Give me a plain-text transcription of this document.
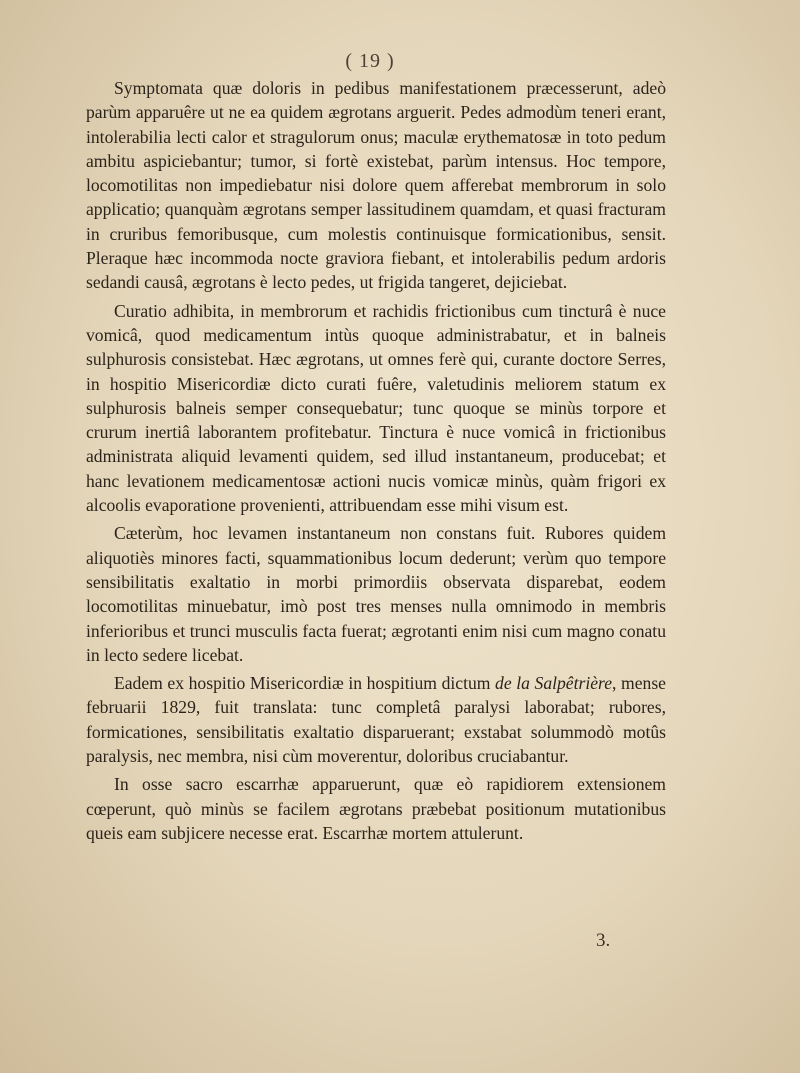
( 19 )

Symptomata quæ doloris in pedibus manifestationem præcesserunt, adeò parùm apparuêre ut ne ea quidem ægrotans arguerit. Pedes admodùm teneri erant, intolerabilia lecti calor et stragulorum onus; maculæ erythematosæ in toto pedum ambitu aspiciebantur; tumor, si fortè existebat, parùm intensus. Hoc tempore, locomotilitas non impediebatur nisi dolore quem afferebat membrorum in solo applicatio; quanquàm ægrotans semper lassitudinem quamdam, et quasi fracturam in cruribus femoribusque, cum molestis continuisque formicationibus, sensit. Pleraque hæc incommoda nocte graviora fiebant, et intolerabilis pedum ardoris sedandi causâ, ægrotans è lecto pedes, ut frigida tangeret, dejiciebat.

Curatio adhibita, in membrorum et rachidis frictionibus cum tincturâ è nuce vomicâ, quod medicamentum intùs quoque administrabatur, et in balneis sulphurosis consistebat. Hæc ægrotans, ut omnes ferè qui, curante doctore Serres, in hospitio Misericordiæ dicto curati fuêre, valetudinis meliorem statum ex sulphurosis balneis semper consequebatur; tunc quoque se minùs torpore et crurum inertiâ laborantem profitebatur. Tinctura è nuce vomicâ in frictionibus administrata aliquid levamenti quidem, sed illud instantaneum, producebat; et hanc levationem medicamentosæ actioni nucis vomicæ minùs, quàm frigori ex alcoolis evaporatione provenienti, attribuendam esse mihi visum est.

Cæterùm, hoc levamen instantaneum non constans fuit. Rubores quidem aliquotiès minores facti, squammationibus locum dederunt; verùm quo tempore sensibilitatis exaltatio in morbi primordiis observata disparebat, eodem locomotilitas minuebatur, imò post tres menses nulla omnimodo in membris inferioribus et trunci musculis facta fuerat; ægrotanti enim nisi cum magno conatu in lecto sedere licebat.

Eadem ex hospitio Misericordiæ in hospitium dictum de la Salpêtrière, mense februarii 1829, fuit translata: tunc completâ paralysi laborabat; rubores, formicationes, sensibilitatis exaltatio disparuerant; exstabat solummodò motûs paralysis, nec membra, nisi cùm moverentur, doloribus cruciabantur.

In osse sacro escarrhæ apparuerunt, quæ eò rapidiorem extensionem cœperunt, quò minùs se facilem ægrotans præbebat positionum mutationibus queis eam subjicere necesse erat. Escarrhæ mortem attulerunt.

3.
